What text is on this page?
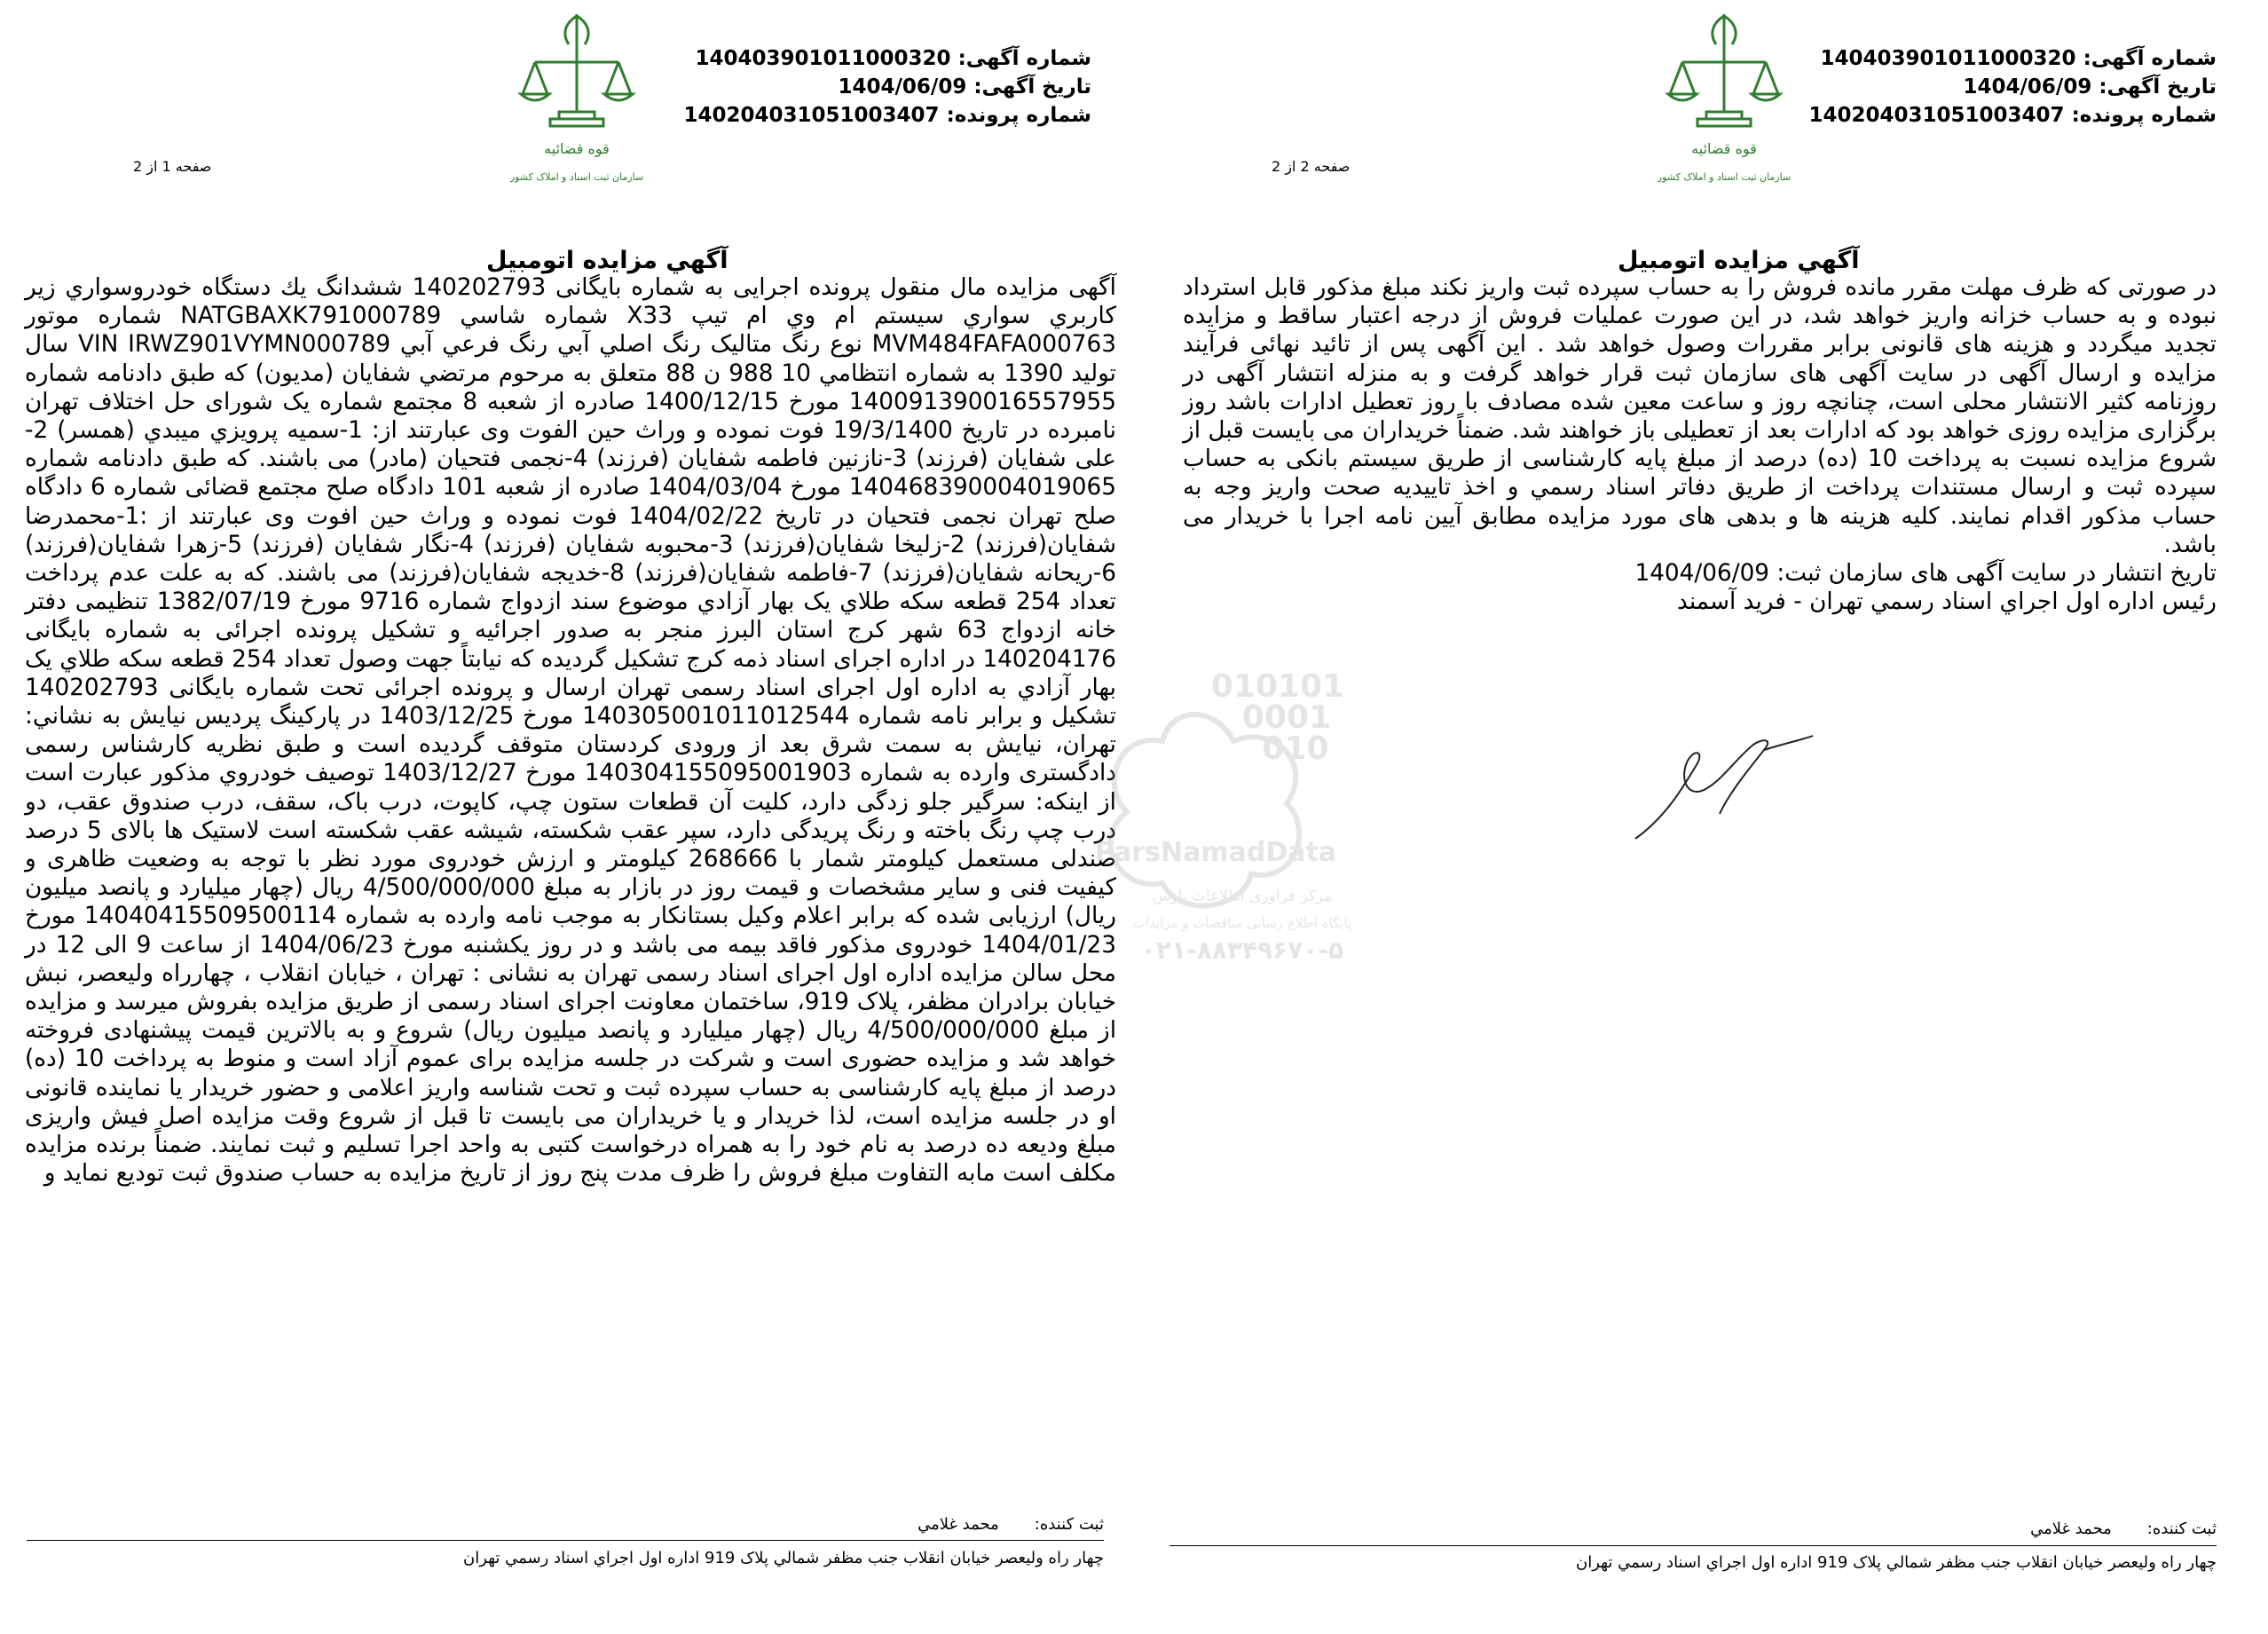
شماره آگهی: 140403901011000320
تاریخ آگهی: 1404/06/09
شماره پرونده: 140204031051003407
قوه قضائیه
سازمان ثبت اسناد و املاک کشور
صفحه 1 از 2
آگهي مزايده اتومبيل

آگهی مزایده مال منقول پرونده اجرایی به شماره بایگانی 140202793 ششدانگ يك دستگاه خودروسواري زير كاربري سواري سيستم ام وي ام تيپ X33 شماره شاسي NATGBAXK791000789 شماره موتور MVM484FAFA000763 نوع رنگ متاليک رنگ اصلي آبي رنگ فرعي آبي VIN IRWZ901VYMN000789 سال توليد 1390 به شماره انتظامي 10 988 ن 88 متعلق به مرحوم مرتضي شفايان (مديون) که طبق دادنامه شماره 140091390016557955 مورخ 1400/12/15 صادره از شعبه 8 مجتمع شماره یک شورای حل اختلاف تهران نامبرده در تاريخ 19/3/1400 فوت نموده و وراث حين الفوت وی عبارتند از: 1-سميه پرويزي ميبدي (همسر) 2-علی شفايان (فرزند) 3-نازنين فاطمه شفايان (فرزند) 4-نجمی فتحيان (مادر) می باشند. که طبق دادنامه شماره 140468390004019065 مورخ 1404/03/04 صادره از شعبه 101 دادگاه صلح مجتمع قضائی شماره 6 دادگاه صلح تهران نجمی فتحيان در تاريخ 1404/02/22 فوت نموده و وراث حين افوت وی عبارتند از :1-محمدرضا شفايان(فرزند) 2-زليخا شفايان(فرزند) 3-محبوبه شفايان (فرزند) 4-نگار شفايان (فرزند) 5-زهرا شفايان(فرزند) 6-ريحانه شفايان(فرزند) 7-فاطمه شفايان(فرزند) 8-خديجه شفايان(فرزند) می باشند. که به علت عدم پرداخت تعداد 254 قطعه سکه طلاي يک بهار آزادي موضوع سند ازدواج شماره 9716 مورخ 1382/07/19 تنظيمی دفتر خانه ازدواج 63 شهر کرج استان البرز منجر به صدور اجرائيه و تشکيل پرونده اجرائی به شماره بايگانی 140204176 در اداره اجرای اسناد ذمه کرج تشکيل گرديده که نيابتاً جهت وصول تعداد 254 قطعه سکه طلاي يک بهار آزادي به اداره اول اجرای اسناد رسمی تهران ارسال و پرونده اجرائی تحت شماره بايگانی 140202793 تشکيل و برابر نامه شماره 140305001011012544 مورخ 1403/12/25 در پارکينگ پرديس نيايش به نشاني: تهران، نيايش به سمت شرق بعد از ورودی کردستان متوقف گرديده است و طبق نظريه کارشناس رسمی دادگستری وارده به شماره 140304155095001903 مورخ 1403/12/27 توصيف خودروي مذكور عبارت است از اينکه: سرگير جلو زدگی دارد، کليت آن قطعات ستون چپ، کاپوت، درب باک، سقف، درب صندوق عقب، دو درب چپ رنگ باخته و رنگ پريدگی دارد، سپر عقب شکسته، شيشه عقب شکسته است لاستيک ها بالای 5 درصد صندلی مستعمل کيلومتر شمار با 268666 کيلومتر و ارزش خودروی مورد نظر با توجه به وضعيت ظاهری و کيفيت فنی و ساير مشخصات و قيمت روز در بازار به مبلغ 4/500/000/000 ريال (چهار ميليارد و پانصد ميليون ريال) ارزيابی شده که برابر اعلام وکيل بستانکار به موجب نامه وارده به شماره 14040415509500114 مورخ 1404/01/23 خودروی مذکور فاقد بيمه می باشد و در روز يکشنبه مورخ 1404/06/23 از ساعت 9 الی 12 در محل سالن مزايده اداره اول اجرای اسناد رسمی تهران به نشانی : تهران ، خيابان انقلاب ، چهارراه وليعصر، نبش خيابان برادران مظفر، پلاک 919، ساختمان معاونت اجرای اسناد رسمی از طريق مزايده بفروش ميرسد و مزايده از مبلغ 4/500/000/000 ريال (چهار ميليارد و پانصد ميليون ريال) شروع و به بالاترين قيمت پيشنهادی فروخته خواهد شد و مزايده حضوری است و شرکت در جلسه مزايده برای عموم آزاد است و منوط به پرداخت 10 (ده) درصد از مبلغ پايه کارشناسی به حساب سپرده ثبت و تحت شناسه واريز اعلامی و حضور خريدار يا نماينده قانونی او در جلسه مزايده است، لذا خريدار و يا خريداران می بايست تا قبل از شروع وقت مزايده اصل فيش واريزی مبلغ وديعه ده درصد به نام خود را به همراه درخواست کتبی به واحد اجرا تسليم و ثبت نمايند. ضمناً برنده مزايده مکلف است مابه التفاوت مبلغ فروش را ظرف مدت پنج روز از تاريخ مزايده به حساب صندوق ثبت توديع نمايد و

ثبت كننده:محمد غلامي
چهار راه وليعصر خيابان انقلاب جنب مظفر شمالي پلاک 919 اداره اول اجراي اسناد رسمي تهران
010101
0001
010
ParsNamadData
مرکز فراوری اطلاعات پارس
پایگاه اطلاع رسانی مناقصات و مزایدات
۰۲۱-۸۸۳۴۹۶۷۰-۵
شماره آگهی: 140403901011000320
تاریخ آگهی: 1404/06/09
شماره پرونده: 140204031051003407
قوه قضائیه
سازمان ثبت اسناد و املاک کشور
صفحه 2 از 2
آگهي مزايده اتومبيل

در صورتی که ظرف مهلت مقرر مانده فروش را به حساب سپرده ثبت واريز نکند مبلغ مذکور قابل استرداد نبوده و به حساب خزانه واريز خواهد شد، در اين صورت عمليات فروش از درجه اعتبار ساقط و مزايده تجديد ميگردد و هزينه های قانونی برابر مقررات وصول خواهد شد . اين آگهی پس از تائيد نهائی فرآيند مزايده و ارسال آگهی در سايت آگهی های سازمان ثبت قرار خواهد گرفت و به منزله انتشار آگهی در روزنامه کثير الانتشار محلی است، چنانچه روز و ساعت معين شده مصادف با روز تعطيل ادارات باشد روز برگزاری مزايده روزی خواهد بود که ادارات بعد از تعطيلی باز خواهند شد. ضمناً خريداران می بايست قبل از شروع مزايده نسبت به پرداخت 10 (ده) درصد از مبلغ پايه کارشناسی از طريق سيستم بانکی به حساب سپرده ثبت و ارسال مستندات پرداخت از طريق دفاتر اسناد رسمي و اخذ تاييديه صحت واريز وجه به حساب مذکور اقدام نمايند. کليه هزينه ها و بدهی های مورد مزايده مطابق آيين نامه اجرا با خريدار می باشد.

تاريخ انتشار در سايت آگهی های سازمان ثبت: 1404/06/09

رئيس اداره اول اجراي اسناد رسمي تهران - فريد آسمند

ثبت كننده:محمد غلامي
چهار راه وليعصر خيابان انقلاب جنب مظفر شمالي پلاک 919 اداره اول اجراي اسناد رسمي تهران
